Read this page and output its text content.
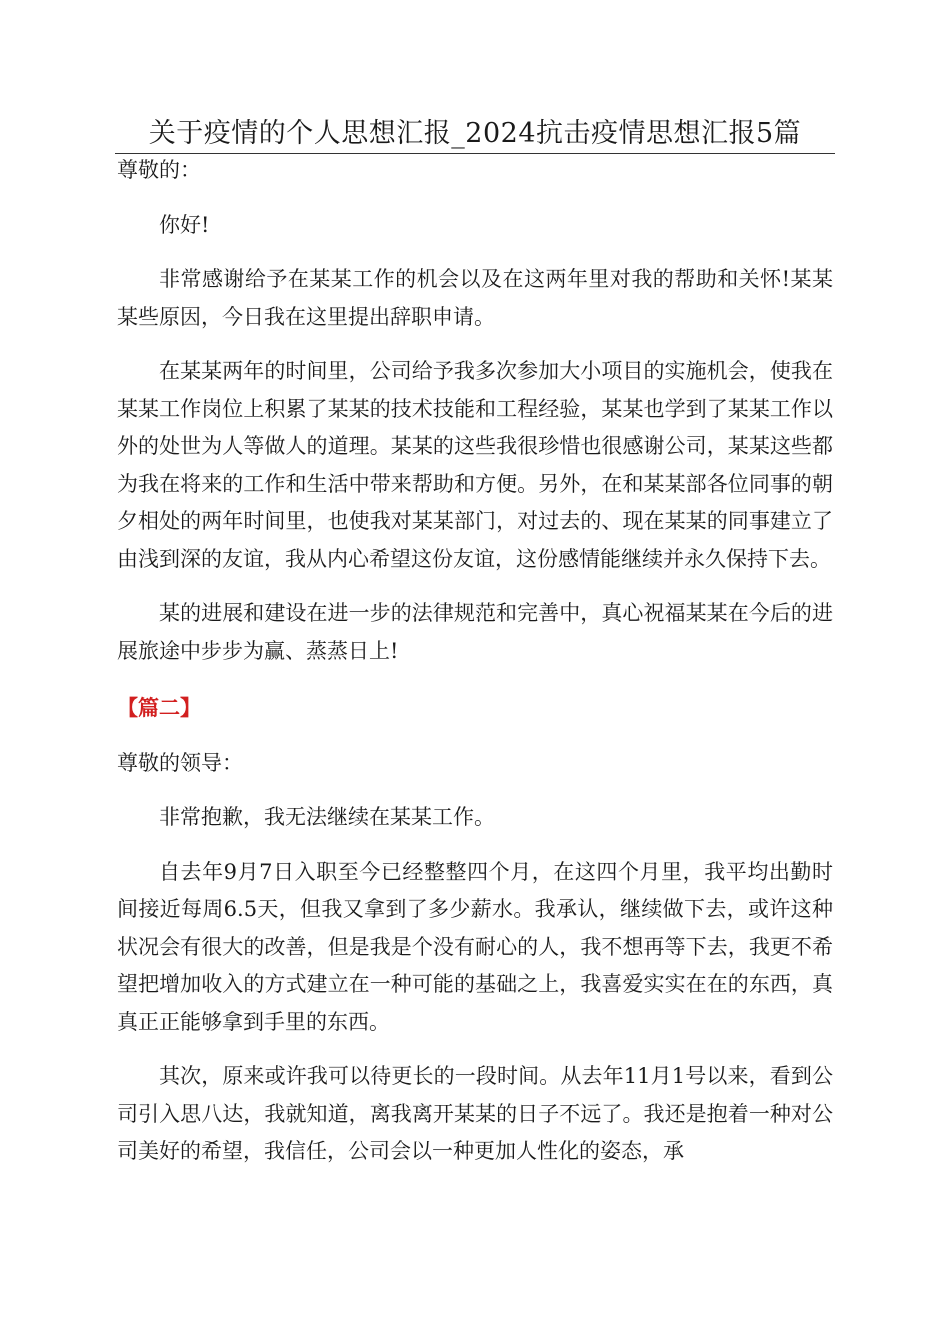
关于疫情的个人思想汇报_2024抗击疫情思想汇报5篇

尊敬的：

你好!

非常感谢给予在某某工作的机会以及在这两年里对我的帮助和关怀!某某某些原因，今日我在这里提出辞职申请。

在某某两年的时间里，公司给予我多次参加大小项目的实施机会，使我在某某工作岗位上积累了某某的技术技能和工程经验，某某也学到了某某工作以外的处世为人等做人的道理。某某的这些我很珍惜也很感谢公司，某某这些都为我在将来的工作和生活中带来帮助和方便。另外，在和某某部各位同事的朝夕相处的两年时间里，也使我对某某部门，对过去的、现在某某的同事建立了由浅到深的友谊，我从内心希望这份友谊，这份感情能继续并永久保持下去。

某的进展和建设在进一步的法律规范和完善中，真心祝福某某在今后的进展旅途中步步为赢、蒸蒸日上!

【篇二】

尊敬的领导：

非常抱歉，我无法继续在某某工作。

自去年9月7日入职至今已经整整四个月，在这四个月里，我平均出勤时间接近每周6.5天，但我又拿到了多少薪水。我承认，继续做下去，或许这种状况会有很大的改善，但是我是个没有耐心的人，我不想再等下去，我更不希望把增加收入的方式建立在一种可能的基础之上，我喜爱实实在在的东西，真真正正能够拿到手里的东西。

其次，原来或许我可以待更长的一段时间。从去年11月1号以来，看到公司引入思八达，我就知道，离我离开某某的日子不远了。我还是抱着一种对公司美好的希望，我信任，公司会以一种更加人性化的姿态，承
